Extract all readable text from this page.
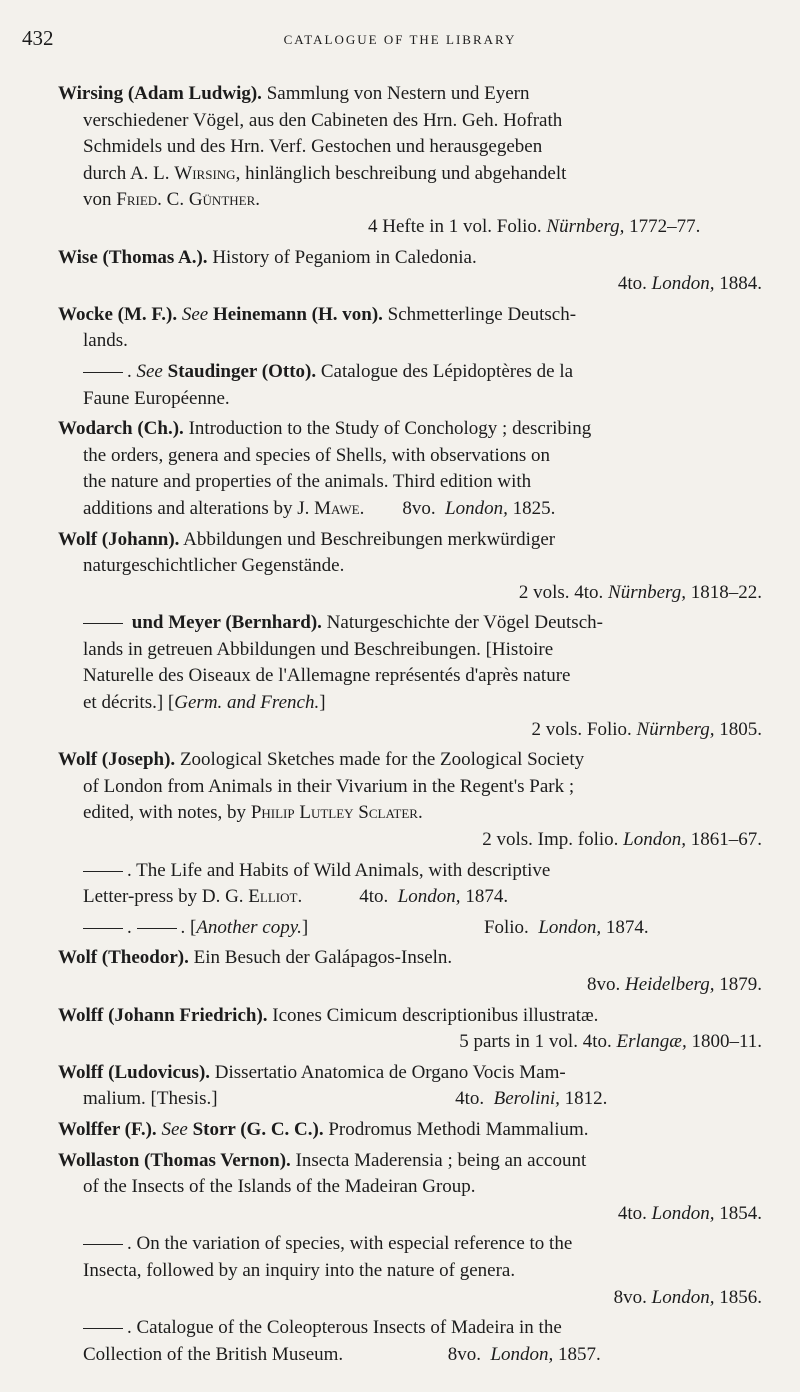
432	CATALOGUE OF THE LIBRARY
Wirsing (Adam Ludwig). Sammlung von Nestern und Eyern
verschiedener Vögel, aus den Cabineten des Hrn. Geh. Hofrath
Schmidels und des Hrn. Verf. Gestochen und herausgegeben
durch A. L. Wirsing, hinlänglich beschreibung und abgehandelt
von Fried. C. Günther.
4 Hefte in 1 vol. Folio. Nürnberg, 1772–77.
Wise (Thomas A.). History of Peganiom in Caledonia.
4to. London, 1884.
Wocke (M. F.). See Heinemann (H. von). Schmetterlinge Deutsch-
lands.
. See Staudinger (Otto). Catalogue des Lépidoptères de la
Faune Européenne.
Wodarch (Ch.). Introduction to the Study of Conchology ; describing
the orders, genera and species of Shells, with observations on
the nature and properties of the animals. Third edition with
additions and alterations by J. Mawe. 8vo. London, 1825.
Wolf (Johann). Abbildungen und Beschreibungen merkwürdiger
naturgeschichtlicher Gegenstände.
2 vols. 4to. Nürnberg, 1818–22.
und Meyer (Bernhard). Naturgeschichte der Vögel Deutsch-
lands in getreuen Abbildungen und Beschreibungen. [Histoire
Naturelle des Oiseaux de l'Allemagne représentés d'après nature
et décrits.] [Germ. and French.]
2 vols. Folio. Nürnberg, 1805.
Wolf (Joseph). Zoological Sketches made for the Zoological Society
of London from Animals in their Vivarium in the Regent's Park ;
edited, with notes, by Philip Lutley Sclater.
2 vols. Imp. folio. London, 1861–67.
. The Life and Habits of Wild Animals, with descriptive
Letter-press by D. G. Elliot.	4to. London, 1874.
.	. [Another copy.]	Folio. London, 1874.
Wolf (Theodor). Ein Besuch der Galápagos-Inseln.
8vo. Heidelberg, 1879.
Wolff (Johann Friedrich). Icones Cimicum descriptionibus illustratæ.
5 parts in 1 vol. 4to. Erlangæ, 1800–11.
Wolff (Ludovicus). Dissertatio Anatomica de Organo Vocis Mam-
malium. [Thesis.]	4to. Berolini, 1812.
Wolffer (F.). See Storr (G. C. C.). Prodromus Methodi Mammalium.
Wollaston (Thomas Vernon). Insecta Maderensia ; being an account
of the Insects of the Islands of the Madeiran Group.
4to. London, 1854.
. On the variation of species, with especial reference to the
Insecta, followed by an inquiry into the nature of genera.
8vo. London, 1856.
. Catalogue of the Coleopterous Insects of Madeira in the
Collection of the British Museum.	8vo. London, 1857.
